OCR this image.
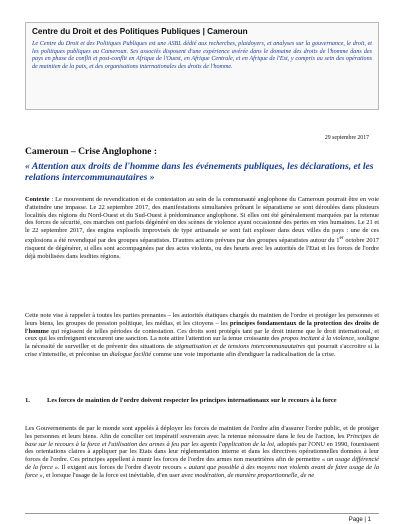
Centre du Droit et des Politiques Publiques | Cameroun
Le Centre du Droit et des Politiques Publiques est une ASBL dédié aux recherches, plaidoyers, et analyses sur la gouvernance, le droit, et les politiques publiques au Cameroun. Ses associés disposent d'une expérience avérée dans le domaine des droits de l'homme dans des pays en phase de conflit et post-conflit en Afrique de l'Ouest, en Afrique Centrale, et en Afrique de l'Est, y compris au sein des opérations de maintien de la paix, et des organisations internationales des droits de l'homme.
29 septembre 2017
Cameroun – Crise Anglophone :
« Attention aux droits de l'homme dans les événements publiques, les déclarations, et les relations intercommunautaires »
Contexte : Le mouvement de revendication et de contestation au sein de la communauté anglophone du Cameroun pourrait être en voie d'atteindre une impasse. Le 22 septembre 2017, des manifestations simultanées prônant le séparatisme se sont déroulées dans plusieurs localités des régions du Nord-Ouest et du Sud-Ouest à prédominance anglophone. Si elles ont été généralement marquées par la retenue des forces de sécurité, ces marches ont parfois dégénéré en des scènes de violence ayant occasionné des pertes en vies humaines. Le 21 et le 22 septembre 2017, des engins explosifs improvisés de type artisanale se sont fait exploser dans deux villes du pays : une de ces explosions a été revendiqué par des groupes séparatistes. D'autres actions prévues par des groupes séparatistes autour du 1er octobre 2017 risquent de dégénérer, si elles sont accompagnées par des actes violents, ou des heurts avec les autorités de l'Etat et les forces de l'ordre déjà mobilisées dans lesdites régions.
Cette note vise à rappeler à toutes les parties prenantes – les autorités étatiques chargés du maintien de l'ordre et protéger les personnes et leurs biens, les groupes de pression politique, les médias, et les citoyens – les principes fondamentaux de la protection des droits de l'homme qui régissent de telles périodes de contestation. Ces droits sont protégés tant par le droit interne que le droit international, et ceux qui les enfreignent encourent une sanction. La note attire l'attention sur la tenue croissante des propos incitant à la violence, souligne la nécessité de surveiller et de prévenir des situations de stigmatisation et de tensions intercommunautaires qui pourrait s'accroitre si la crise s'intensifie, et préconise un dialogue facilité comme une voie importante afin d'endiguer la radicalisation de la crise.
1.	Les forces de maintien de l'ordre doivent respecter les principes internationaux sur le recours à la force
Les Gouvernements de par le monde sont appelés à déployer les forces de maintien de l'ordre afin d'assurer l'ordre public, et de protéger les personnes et leurs biens. Afin de concilier cet impératif souverain avec la retenue nécessaire dans le feu de l'action, les Principes de base sur le recours à la force et l'utilisation des armes à feu par les agents l'application de la loi, adoptés par l'ONU en 1990, fournissent des orientations claires à appliquer par les Etats dans leur réglementation interne et dans les directives opérationnelles données à leur forces de l'ordre. Ces principes appellent à munir les forces de l'ordre des armes non meurtrières afin de permettre « un usage différencié de la force ». Il exigent aux forces de l'ordre d'avoir recours « autant que possible à des moyens non violents avant de faire usage de la force », et lorsque l'usage de la force est inévitable, d'en user avec modération, de manière proportionnelle, de ne
Page | 1
